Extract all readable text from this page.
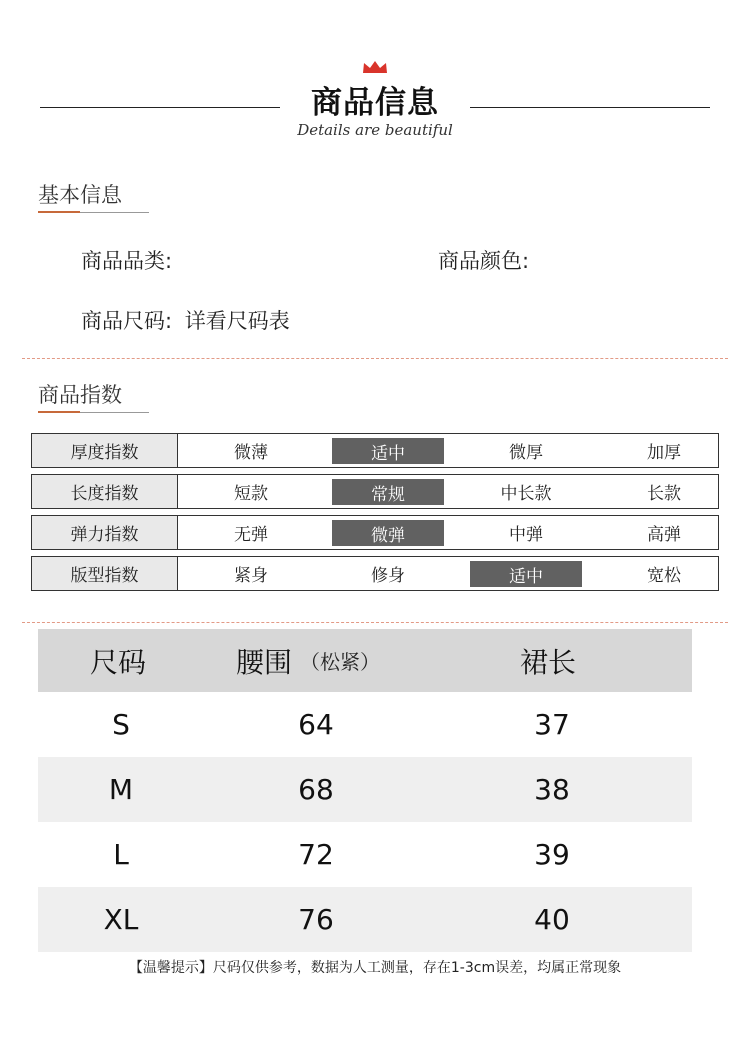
商品信息
Details are beautiful
基本信息
商品品类:	商品颜色:
商品尺码: 详看尺码表
商品指数
厚度指数	微薄	适中	微厚	加厚
长度指数	短款	常规	中长款	长款
弹力指数	无弹	微弹	中弹	高弹
版型指数	紧身	修身	适中	宽松
尺码	腰围 （松紧）	裙长
S	64	37
M	68	38
L	72	39
XL	76	40
【温馨提示】尺码仅供参考，数据为人工测量，存在1-3cm误差，均属正常现象
